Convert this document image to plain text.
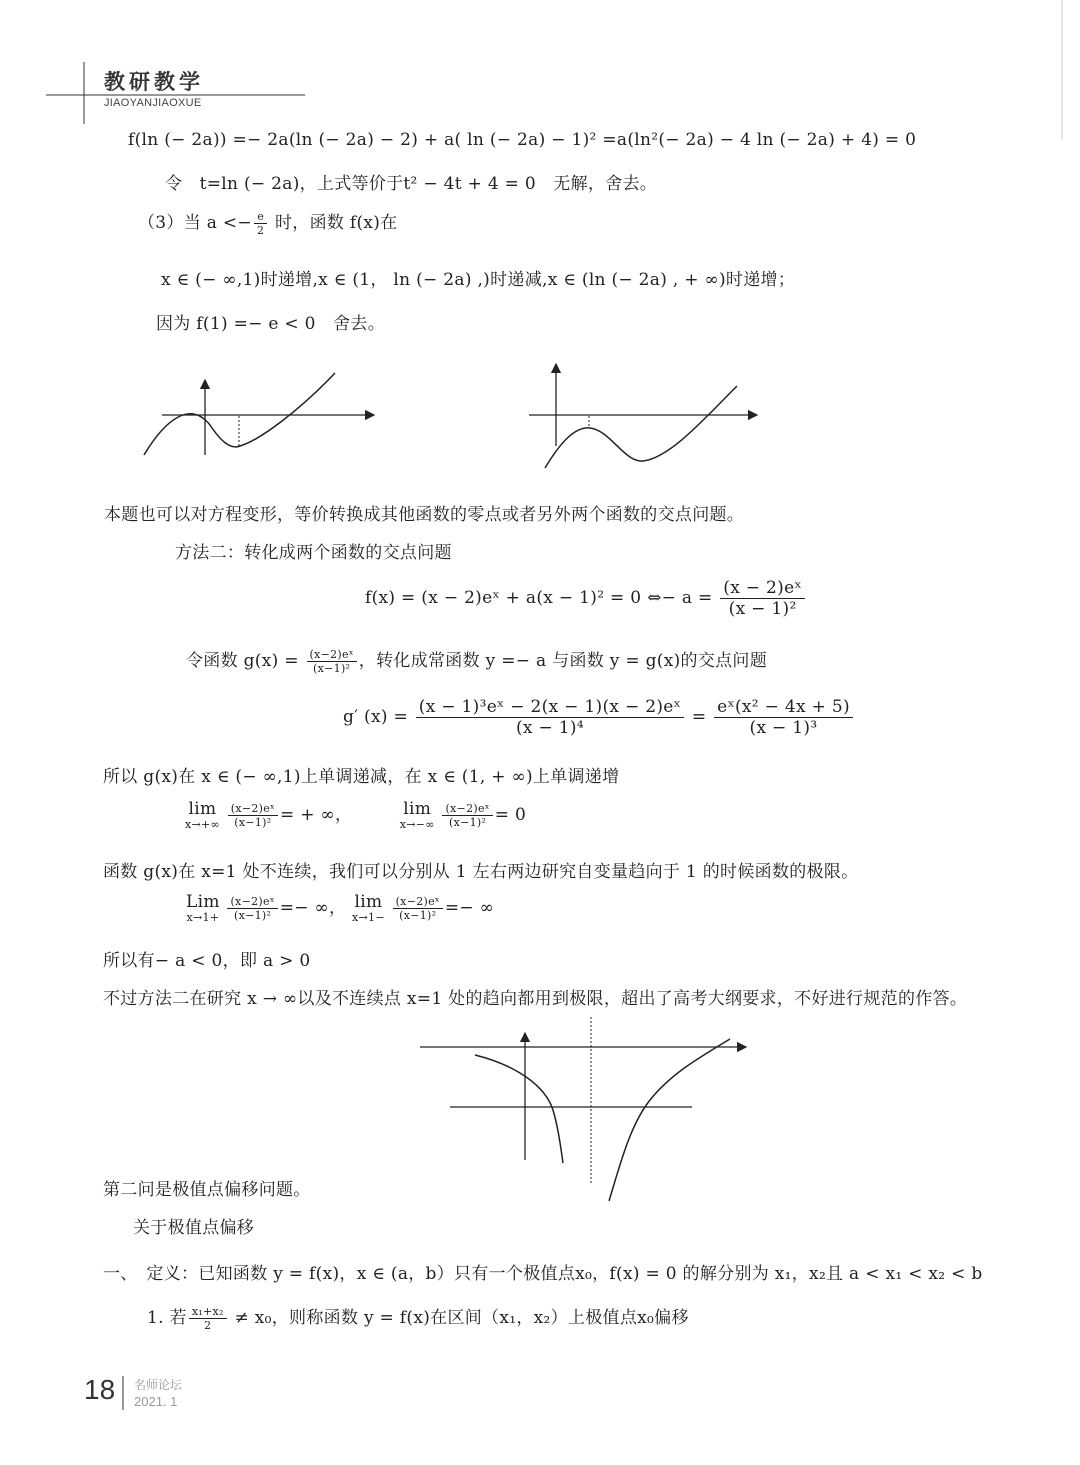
教研教学
JIAOYANJIAOXUE
f(ln (− 2a)) =− 2a(ln (− 2a) − 2) + a( ln (− 2a) − 1)² =a(ln²(− 2a) − 4 ln (− 2a) + 4) = 0
令　t=ln (− 2a)，上式等价于t² − 4t + 4 = 0　无解，舍去。
（3）当 $a <- \frac{e}{2}$ 时，函数 f(x)在
x ∈ (− ∞,1)时递增,x ∈ (1， ln (− 2a) ,)时递减,x ∈ (ln (− 2a) , + ∞)时递增；
因为 f(1) =− e < 0　舍去。
本题也可以对方程变形，等价转换成其他函数的零点或者另外两个函数的交点问题。
方法二：转化成两个函数的交点问题
f(x) = (x − 2)eˣ + a(x − 1)² = 0 ⇔− $a = \frac{\text{(x − 2)eˣ}}{\text{(x − 1)²}}$
令函数 $g(x) = \frac{\text{(x−2)eˣ}}{\text{(x−1)²}}$ ，转化成常函数 y =− a 与函数 y = g(x)的交点问题
g′ $(x) = \frac{\text{(x − 1)³eˣ − 2(x − 1)(x − 2)eˣ}}{\text{(x − 1)⁴}} = \frac{\text{eˣ(x² − 4x + 5)}}{\text{(x − 1)³}}$
所以 g(x)在 x ∈ (− ∞,1)上单调递减，在 x ∈ (1, + ∞)上单调递增
lim
x→+∞
$\frac{\text{(x−2)eˣ}}{\text{(x−1)²}}$ = + ∞，	lim
x→−∞
$\frac{\text{(x−2)eˣ}}{\text{(x−1)²}} = 0$
函数 g(x)在 x=1 处不连续，我们可以分别从 1 左右两边研究自变量趋向于 1 的时候函数的极限。
Lim
x→1+
$\frac{\text{(x−2)eˣ}}{\text{(x−1)²}}$ =− ∞， lim
x→1−
$\frac{\text{(x−2)eˣ}}{\text{(x−1)²}}$ =− ∞
所以有− a < 0，即 a > 0
不过方法二在研究 x → ∞以及不连续点 x=1 处的趋向都用到极限，超出了高考大纲要求，不好进行规范的作答。
第二问是极值点偏移问题。
关于极值点偏移
一、　定义：已知函数 y = f(x)，x ∈ (a，b）只有一个极值点x₀，f(x) = 0 的解分别为 x₁，x₂且 a < x₁ < x₂ < b
1. 若 $\frac{\text{x₁+x₂}}{2} \ne x_0$，则称函数 y = f(x)在区间（x₁，x₂）上极值点x₀偏移
18 名师论坛
2021. 1
